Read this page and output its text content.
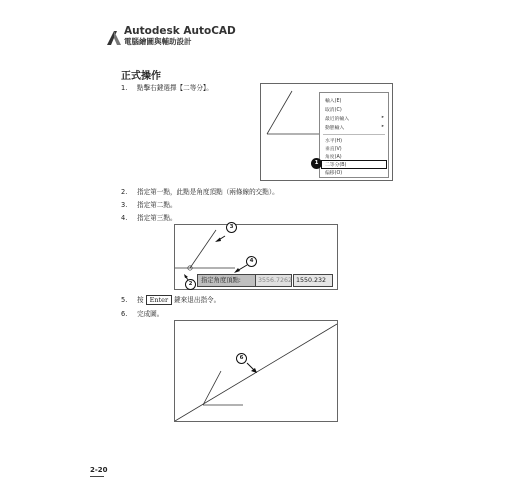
Autodesk AutoCAD
電腦繪圖與輔助設計
正式操作
1. 點擊右鍵選擇【二等分】。
輸入(E)
取消(C)
最近的輸入	▸
動態輸入	▸
水平(H)
垂直(V)
角度(A)
二等分(B)
偏移(O)
1
2. 指定第一點，此點是角度頂點（兩條線的交點）。
3. 指定第二點。
4. 指定第三點。
3
4
2	指定角度頂點:	3556.7262 1550.232
5. 按 Enter 鍵來退出指令。
6. 完成圖。
6
2-20
